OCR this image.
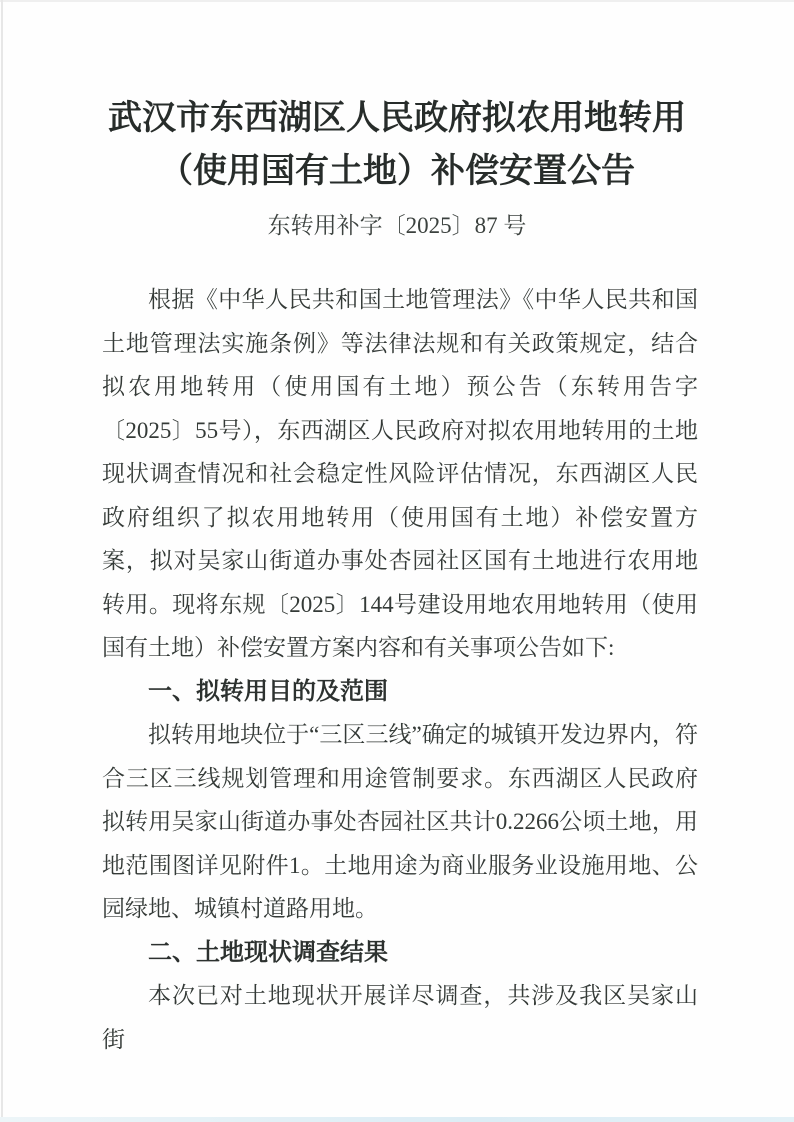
武汉市东西湖区人民政府拟农用地转用
（使用国有土地）补偿安置公告
东转用补字〔2025〕87 号

根据《中华人民共和国土地管理法》《中华人民共和国土地管理法实施条例》等法律法规和有关政策规定，结合拟农用地转用（使用国有土地）预公告（东转用告字〔2025〕55号），东西湖区人民政府对拟农用地转用的土地现状调查情况和社会稳定性风险评估情况，东西湖区人民政府组织了拟农用地转用（使用国有土地）补偿安置方案，拟对吴家山街道办事处杏园社区国有土地进行农用地转用。现将东规〔2025〕144号建设用地农用地转用（使用国有土地）补偿安置方案内容和有关事项公告如下:

一、拟转用目的及范围

拟转用地块位于“三区三线”确定的城镇开发边界内，符合三区三线规划管理和用途管制要求。东西湖区人民政府拟转用吴家山街道办事处杏园社区共计0.2266公顷土地，用地范围图详见附件1。土地用途为商业服务业设施用地、公园绿地、城镇村道路用地。

二、土地现状调查结果

本次已对土地现状开展详尽调查，共涉及我区吴家山街
